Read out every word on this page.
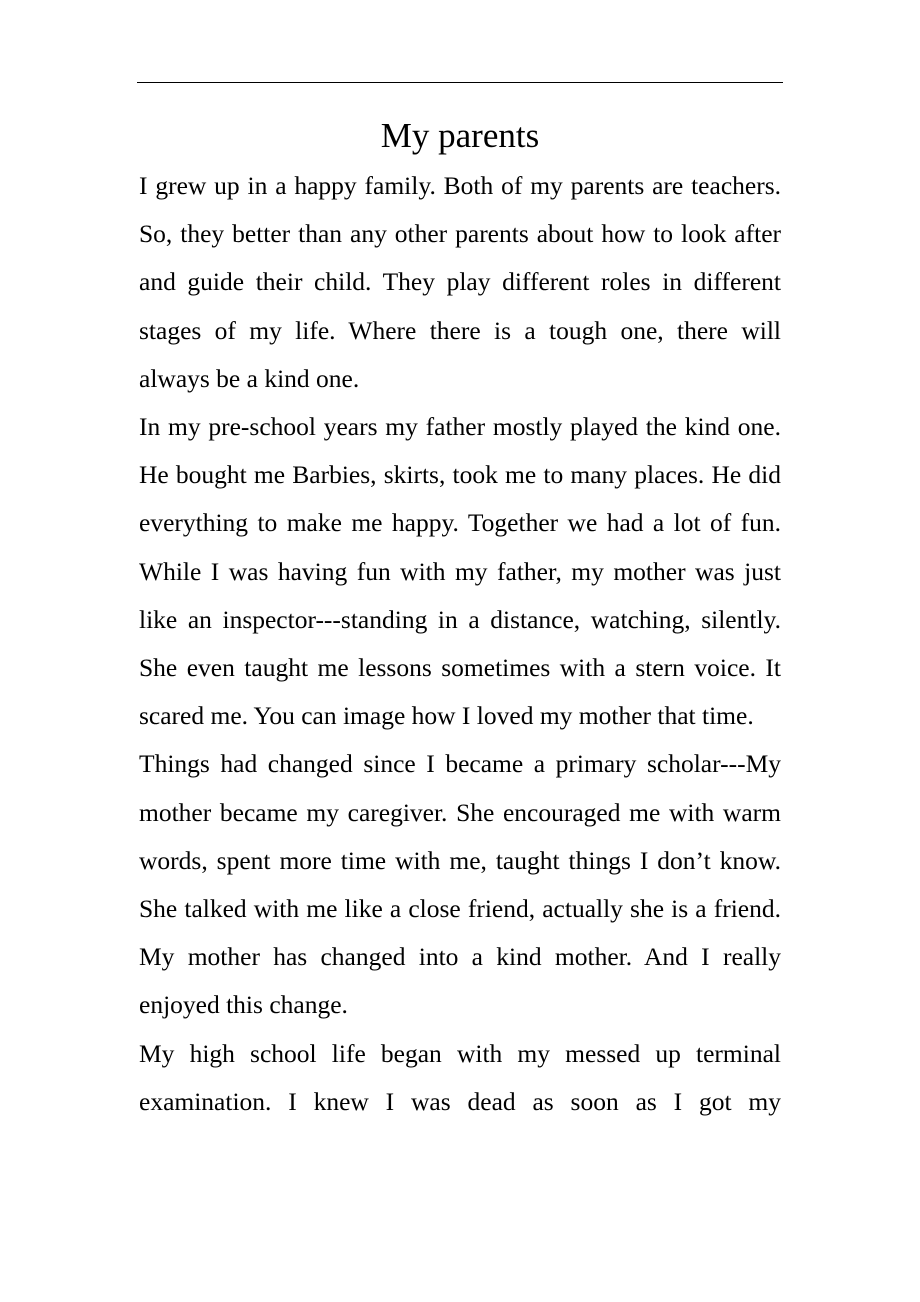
My parents

I grew up in a happy family. Both of my parents are teachers. So, they better than any other parents about how to look after and guide their child. They play different roles in different stages of my life. Where there is a tough one, there will always be a kind one.

In my pre-school years my father mostly played the kind one. He bought me Barbies, skirts, took me to many places. He did everything to make me happy. Together we had a lot of fun. While I was having fun with my father, my mother was just like an inspector---standing in a distance, watching, silently. She even taught me lessons sometimes with a stern voice. It scared me. You can image how I loved my mother that time.

Things had changed since I became a primary scholar---My mother became my caregiver. She encouraged me with warm words, spent more time with me, taught things I don’t know. She talked with me like a close friend, actually she is a friend. My mother has changed into a kind mother. And I really enjoyed this change.

My high school life began with my messed up terminal examination. I knew I was dead as soon as I got my
